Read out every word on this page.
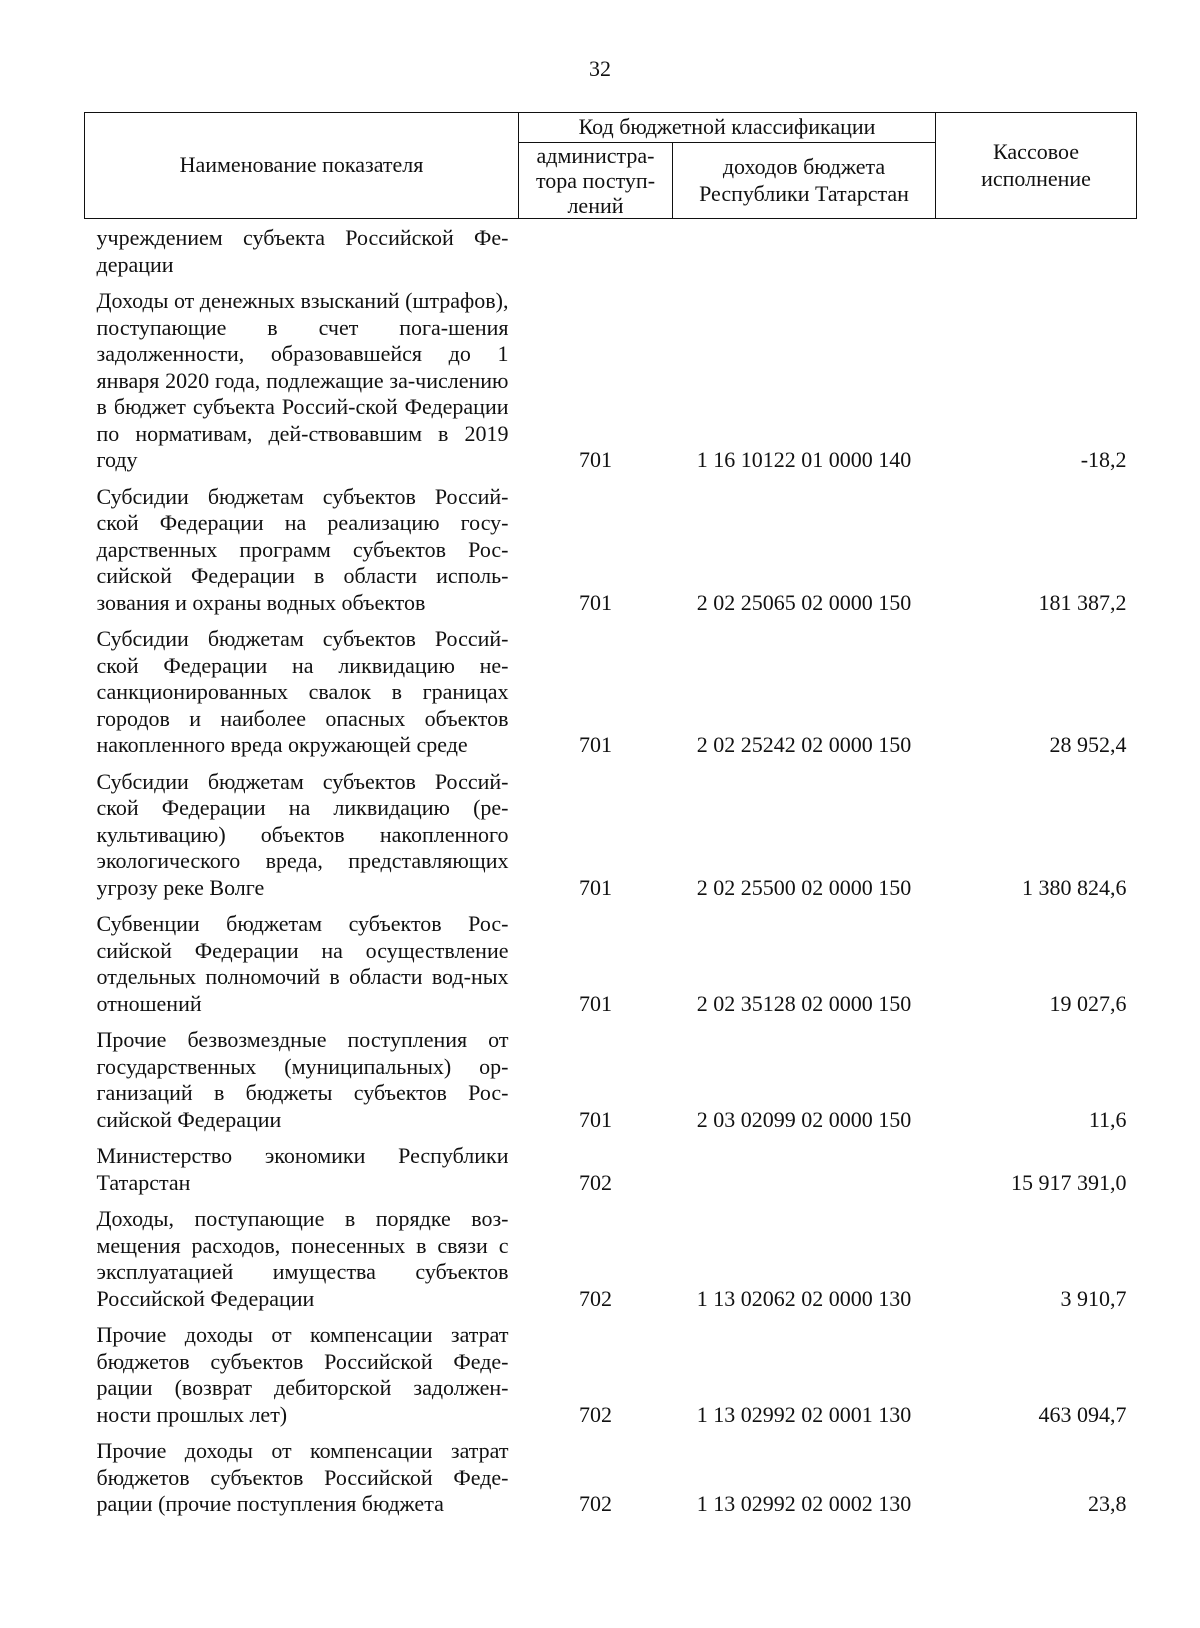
32
Наименование показателя	Код бюджетной классификации		Кассовое исполнение
	администра-тора поступ-лений	доходов бюджета Республики Татарстан	
учреждением субъекта Российской Фе-дерации			
Доходы от денежных взысканий (штрафов), поступающие в счет пога-шения задолженности, образовавшейся до 1 января 2020 года, подлежащие за-числению в бюджет субъекта Россий-ской Федерации по нормативам, дей-ствовавшим в 2019 году	701	1 16 10122 01 0000 140	-18,2
Субсидии бюджетам субъектов Россий-ской Федерации на реализацию госу-дарственных программ субъектов Рос-сийской Федерации в области исполь-зования и охраны водных объектов	701	2 02 25065 02 0000 150	181 387,2
Субсидии бюджетам субъектов Россий-ской Федерации на ликвидацию не-санкционированных свалок в границах городов и наиболее опасных объектов накопленного вреда окружающей среде	701	2 02 25242 02 0000 150	28 952,4
Субсидии бюджетам субъектов Россий-ской Федерации на ликвидацию (ре-культивацию) объектов накопленного экологического вреда, представляющих угрозу реке Волге	701	2 02 25500 02 0000 150	1 380 824,6
Субвенции бюджетам субъектов Рос-сийской Федерации на осуществление отдельных полномочий в области вод-ных отношений	701	2 02 35128 02 0000 150	19 027,6
Прочие безвозмездные поступления от государственных (муниципальных) ор-ганизаций в бюджеты субъектов Рос-сийской Федерации	701	2 03 02099 02 0000 150	11,6
Министерство экономики Республики Татарстан	702		15 917 391,0
Доходы, поступающие в порядке воз-мещения расходов, понесенных в связи с эксплуатацией имущества субъектов Российской Федерации	702	1 13 02062 02 0000 130	3 910,7
Прочие доходы от компенсации затрат бюджетов субъектов Российской Феде-рации (возврат дебиторской задолжен-ности прошлых лет)	702	1 13 02992 02 0001 130	463 094,7
Прочие доходы от компенсации затрат бюджетов субъектов Российской Феде-рации (прочие поступления бюджета	702	1 13 02992 02 0002 130	23,8
